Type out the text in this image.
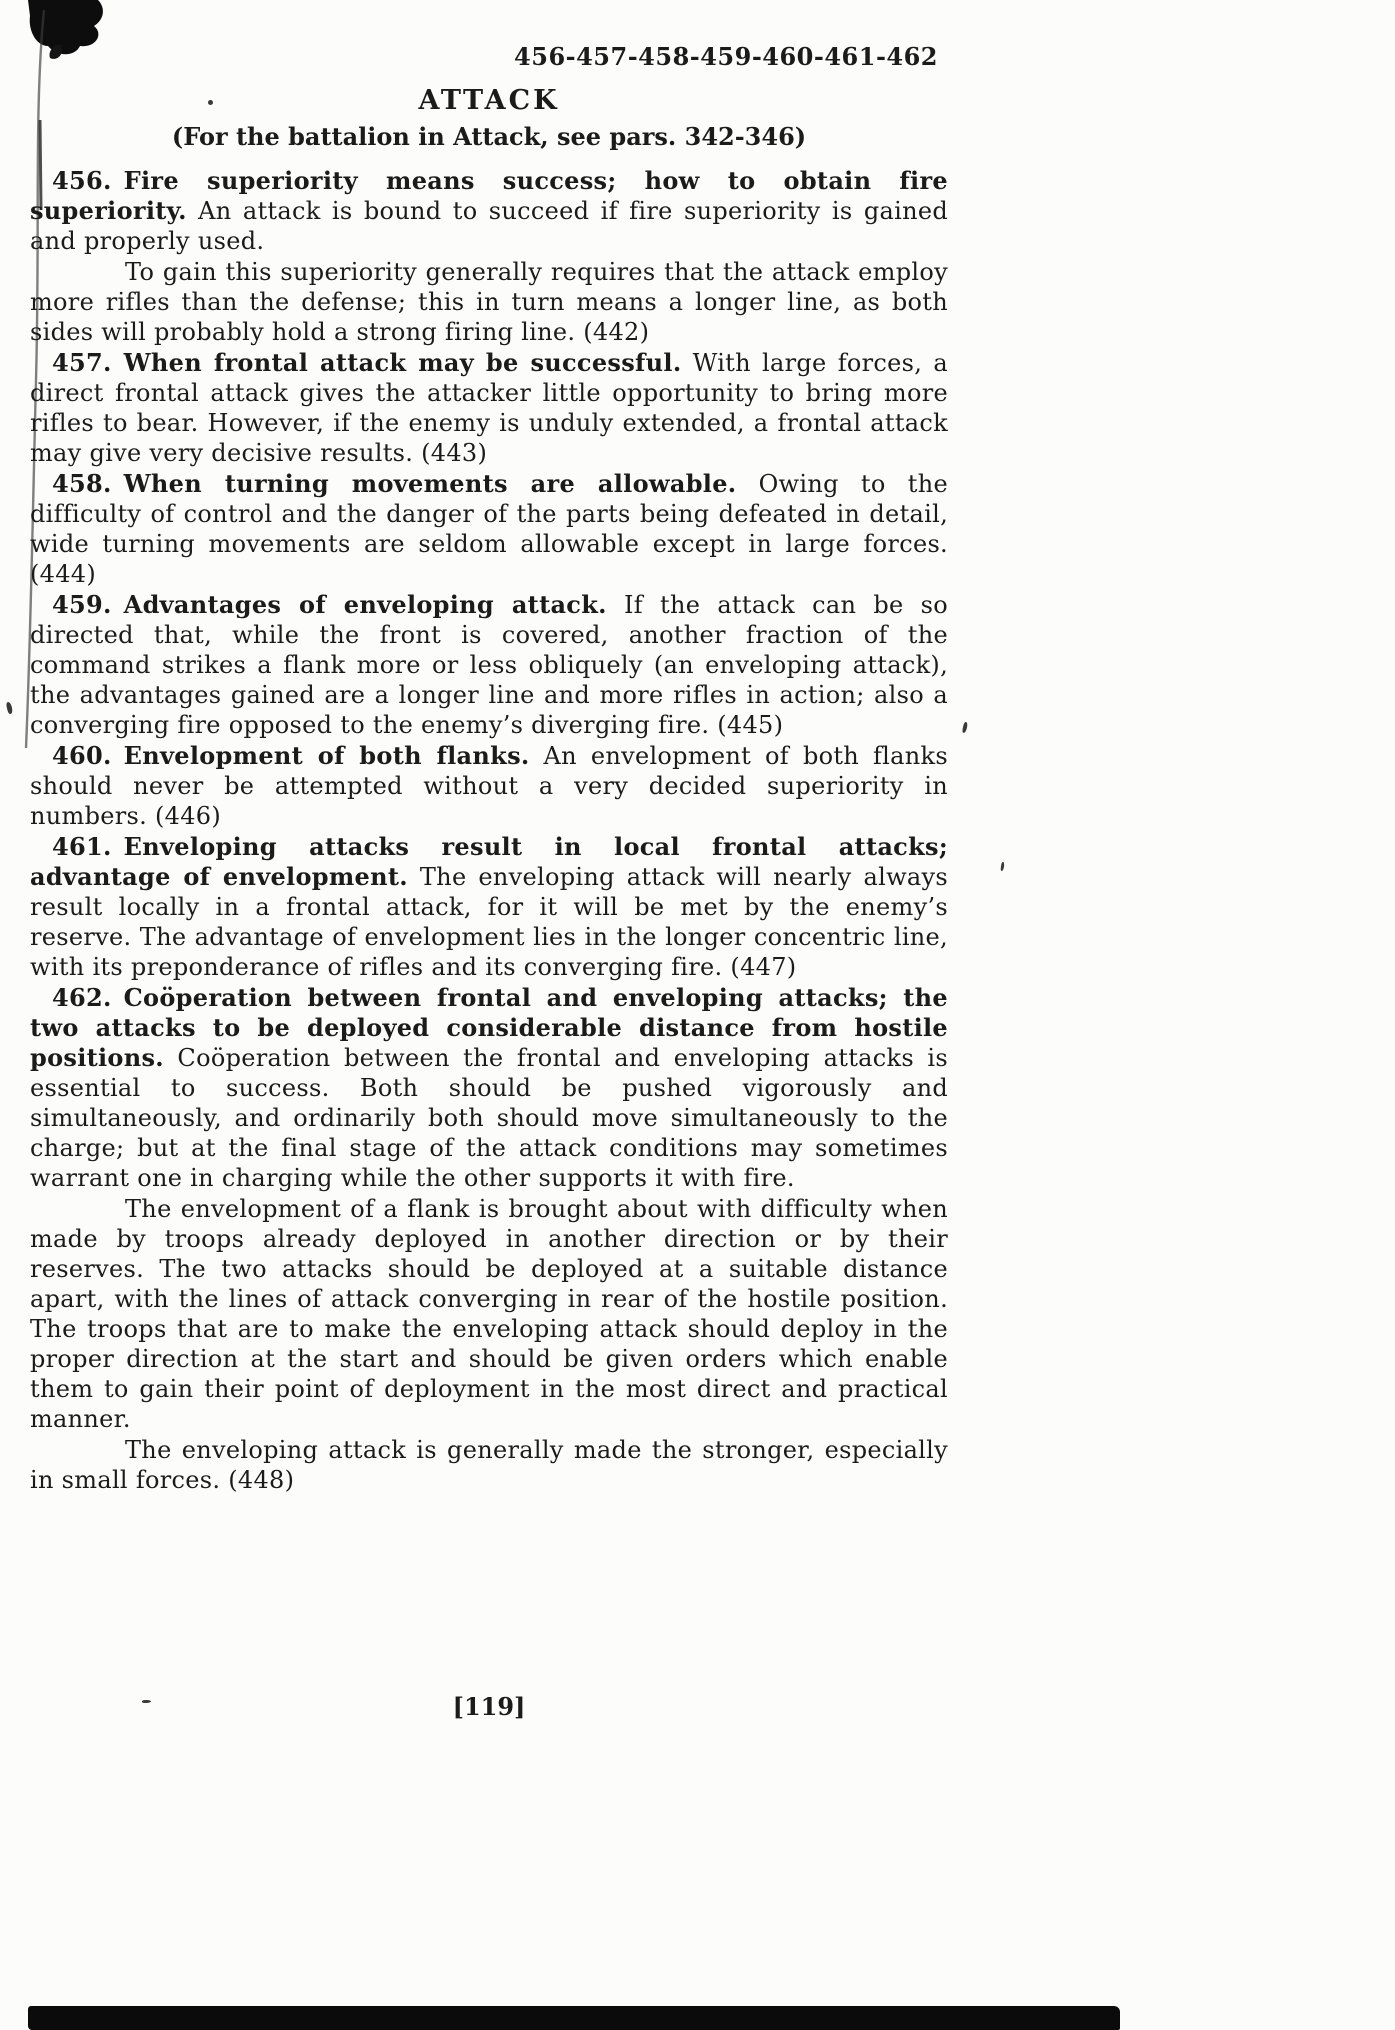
456-457-458-459-460-461-462
ATTACK
(For the battalion in Attack, see pars. 342-346)

456. Fire superiority means success; how to obtain fire superiority. An attack is bound to succeed if fire superiority is gained and properly used.

To gain this superiority generally requires that the attack employ more rifles than the defense; this in turn means a longer line, as both sides will probably hold a strong firing line. (442)

457. When frontal attack may be successful. With large forces, a direct frontal attack gives the attacker little opportunity to bring more rifles to bear. However, if the enemy is unduly extended, a frontal attack may give very decisive results. (443)

458. When turning movements are allowable. Owing to the difficulty of control and the danger of the parts being defeated in detail, wide turning movements are seldom allowable except in large forces. (444)

459. Advantages of enveloping attack. If the attack can be so directed that, while the front is covered, another fraction of the command strikes a flank more or less obliquely (an enveloping attack), the advantages gained are a longer line and more rifles in action; also a converging fire opposed to the enemy’s diverging fire. (445)

460. Envelopment of both flanks. An envelopment of both flanks should never be attempted without a very decided superiority in numbers. (446)

461. Enveloping attacks result in local frontal attacks; advantage of envelopment. The enveloping attack will nearly always result locally in a frontal attack, for it will be met by the enemy’s reserve. The advantage of envelopment lies in the longer concentric line, with its preponderance of rifles and its converging fire. (447)

462. Coöperation between frontal and enveloping attacks; the two attacks to be deployed considerable distance from hostile positions. Coöperation between the frontal and enveloping attacks is essential to success. Both should be pushed vigorously and simultaneously, and ordinarily both should move simultaneously to the charge; but at the final stage of the attack conditions may sometimes warrant one in charging while the other supports it with fire.

The envelopment of a flank is brought about with difficulty when made by troops already deployed in another direction or by their reserves. The two attacks should be deployed at a suitable distance apart, with the lines of attack converging in rear of the hostile position. The troops that are to make the enveloping attack should deploy in the proper direction at the start and should be given orders which enable them to gain their point of deployment in the most direct and practical manner.

The enveloping attack is generally made the stronger, especially in small forces. (448)

[119]
